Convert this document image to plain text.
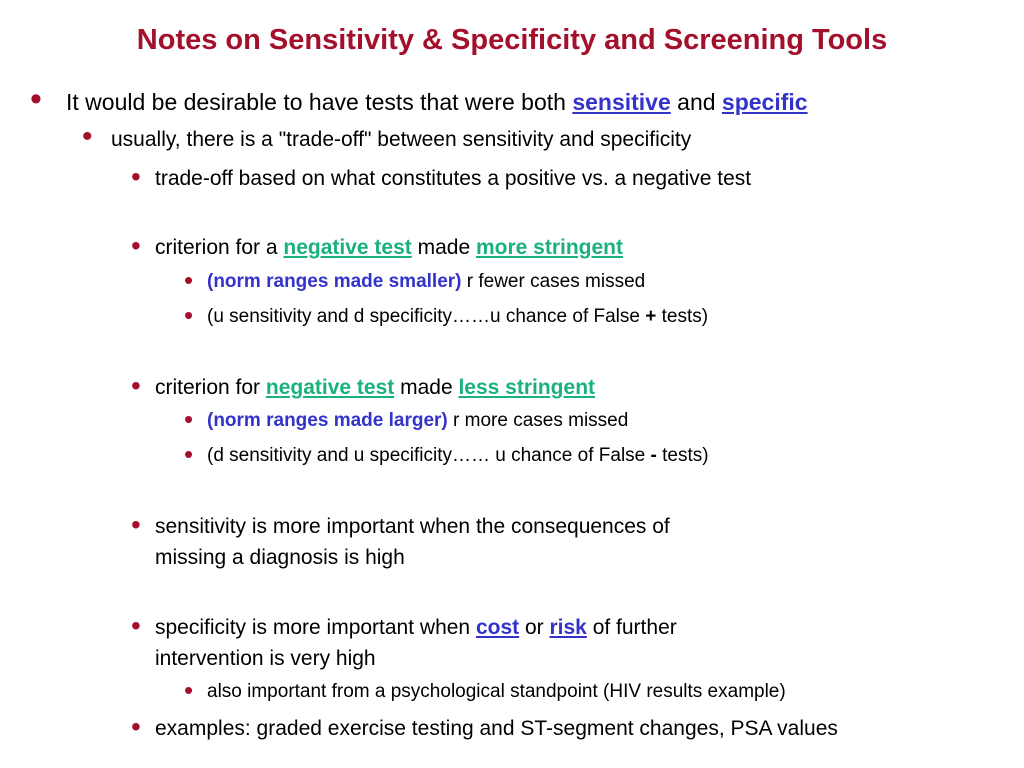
Notes on Sensitivity & Specificity and Screening Tools
• It would be desirable to have tests that were both sensitive and specific
• usually, there is a "trade-off" between sensitivity and specificity
• trade-off based on what constitutes a positive vs. a negative test
• criterion for a negative test made more stringent
• (norm ranges made smaller) r fewer cases missed
• (u sensitivity and d specificity……u chance of False + tests)
• criterion for negative test made less stringent
• (norm ranges made larger) r more cases missed
• (d sensitivity and u specificity…… u chance of False - tests)
• sensitivity is more important when the consequences of
missing a diagnosis is high
• specificity is more important when cost or risk of further
intervention is very high
• also important from a psychological standpoint (HIV results example)
• examples: graded exercise testing and ST-segment changes, PSA values
